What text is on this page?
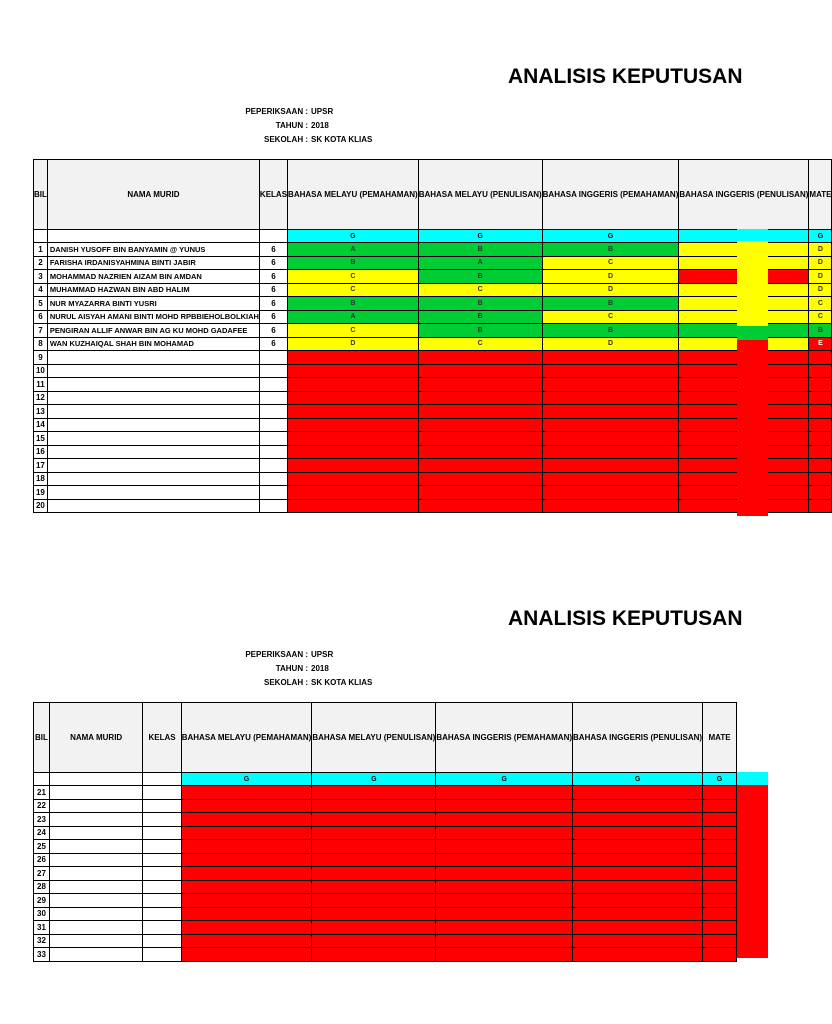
ANALISIS KEPUTUSAN
PEPERIKSAAN : UPSR
TAHUN : 2018
SEKOLAH : SK KOTA KLIAS
BIL	NAMA MURID	KELAS	BAHASA MELAYU (PEMAHAMAN)	BAHASA MELAYU (PENULISAN)	BAHASA INGGERIS (PEMAHAMAN)	BAHASA INGGERIS (PENULISAN)	MATE
			G	G	G		G
1	DANISH YUSOFF BIN BANYAMIN @ YUNUS	6	A	B	B		D
2	FARISHA IRDANISYAHMINA BINTI JABIR	6	B	A	C		D
3	MOHAMMAD NAZRIEN AIZAM BIN AMDAN	6	C	B	D		D
4	MUHAMMAD HAZWAN BIN ABD HALIM	6	C	C	D		D
5	NUR MYAZARRA BINTI YUSRI	6	B	B	B		C
6	NURUL AISYAH AMANI BINTI MOHD RPBBIEHOLBOLKIAH	6	A	B	C		C
7	PENGIRAN ALLIF ANWAR BIN AG KU MOHD GADAFEE	6	C	B	B		B
8	WAN KUZHAIQAL SHAH BIN MOHAMAD	6	D	C	D		E
9							
10							
11							
12							
13							
14							
15							
16							
17							
18							
19							
20							
ANALISIS KEPUTUSAN
PEPERIKSAAN : UPSR
TAHUN : 2018
SEKOLAH : SK KOTA KLIAS
BIL	NAMA MURID	KELAS	BAHASA MELAYU (PEMAHAMAN)	BAHASA MELAYU (PENULISAN)	BAHASA INGGERIS (PEMAHAMAN)	BAHASA INGGERIS (PENULISAN)	MATE
			G	G	G	G	G
21							
22							
23							
24							
25							
26							
27							
28							
29							
30							
31							
32							
33							
